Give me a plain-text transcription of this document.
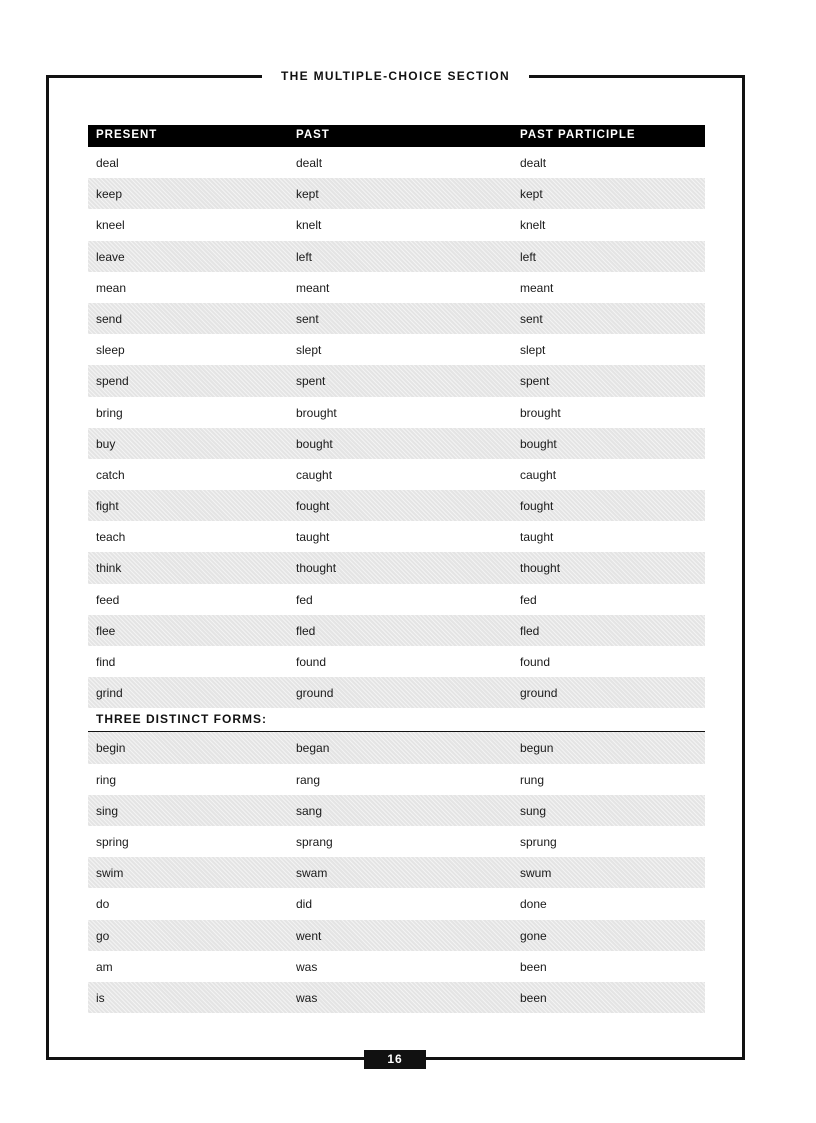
THE MULTIPLE-CHOICE SECTION
PRESENT	PAST	PAST PARTICIPLE
deal	dealt	dealt
keep	kept	kept
kneel	knelt	knelt
leave	left	left
mean	meant	meant
send	sent	sent
sleep	slept	slept
spend	spent	spent
bring	brought	brought
buy	bought	bought
catch	caught	caught
fight	fought	fought
teach	taught	taught
think	thought	thought
feed	fed	fed
flee	fled	fled
find	found	found
grind	ground	ground
THREE DISTINCT FORMS:
begin	began	begun
ring	rang	rung
sing	sang	sung
spring	sprang	sprung
swim	swam	swum
do	did	done
go	went	gone
am	was	been
is	was	been
16
